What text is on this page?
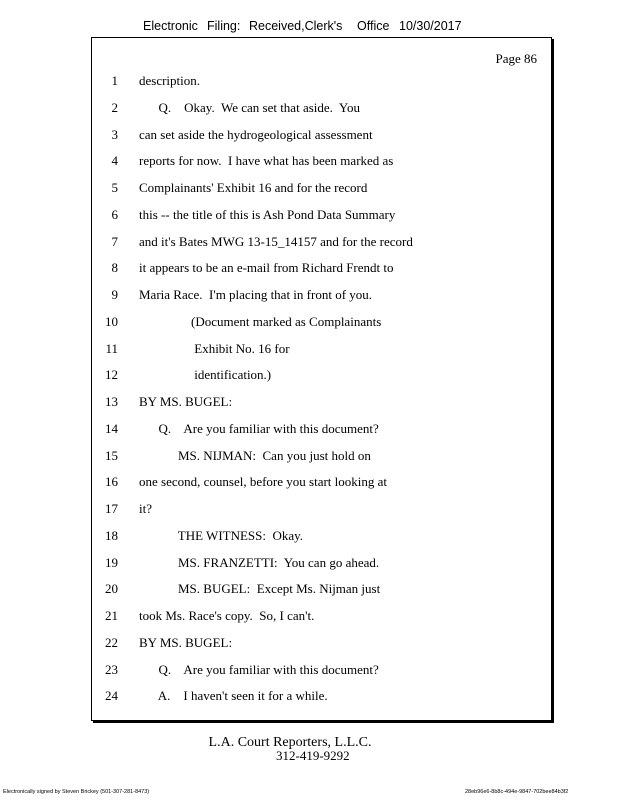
Electronic Filing: Received,Clerk's Office 10/30/2017
Page 86
1 description.
2 Q.    Okay.  We can set that aside.  You
3 can set aside the hydrogeological assessment
4 reports for now.  I have what has been marked as
5 Complainants' Exhibit 16 and for the record
6 this -- the title of this is Ash Pond Data Summary
7 and it's Bates MWG 13-15_14157 and for the record
8 it appears to be an e-mail from Richard Frendt to
9 Maria Race.  I'm placing that in front of you.
10 (Document marked as Complainants
11 Exhibit No. 16 for
12 identification.)
13 BY MS. BUGEL:
14 Q.    Are you familiar with this document?
15 MS. NIJMAN:  Can you just hold on
16 one second, counsel, before you start looking at
17 it?
18 THE WITNESS:  Okay.
19 MS. FRANZETTI:  You can go ahead.
20 MS. BUGEL:  Except Ms. Nijman just
21 took Ms. Race's copy.  So, I can't.
22 BY MS. BUGEL:
23 Q.    Are you familiar with this document?
24 A.    I haven't seen it for a while.
L.A. Court Reporters, L.L.C.
312-419-9292
Electronically signed by Steven Brickey (501-307-281-8473)	28eb96e6-8b8c-494e-9847-702bee84b3f2
